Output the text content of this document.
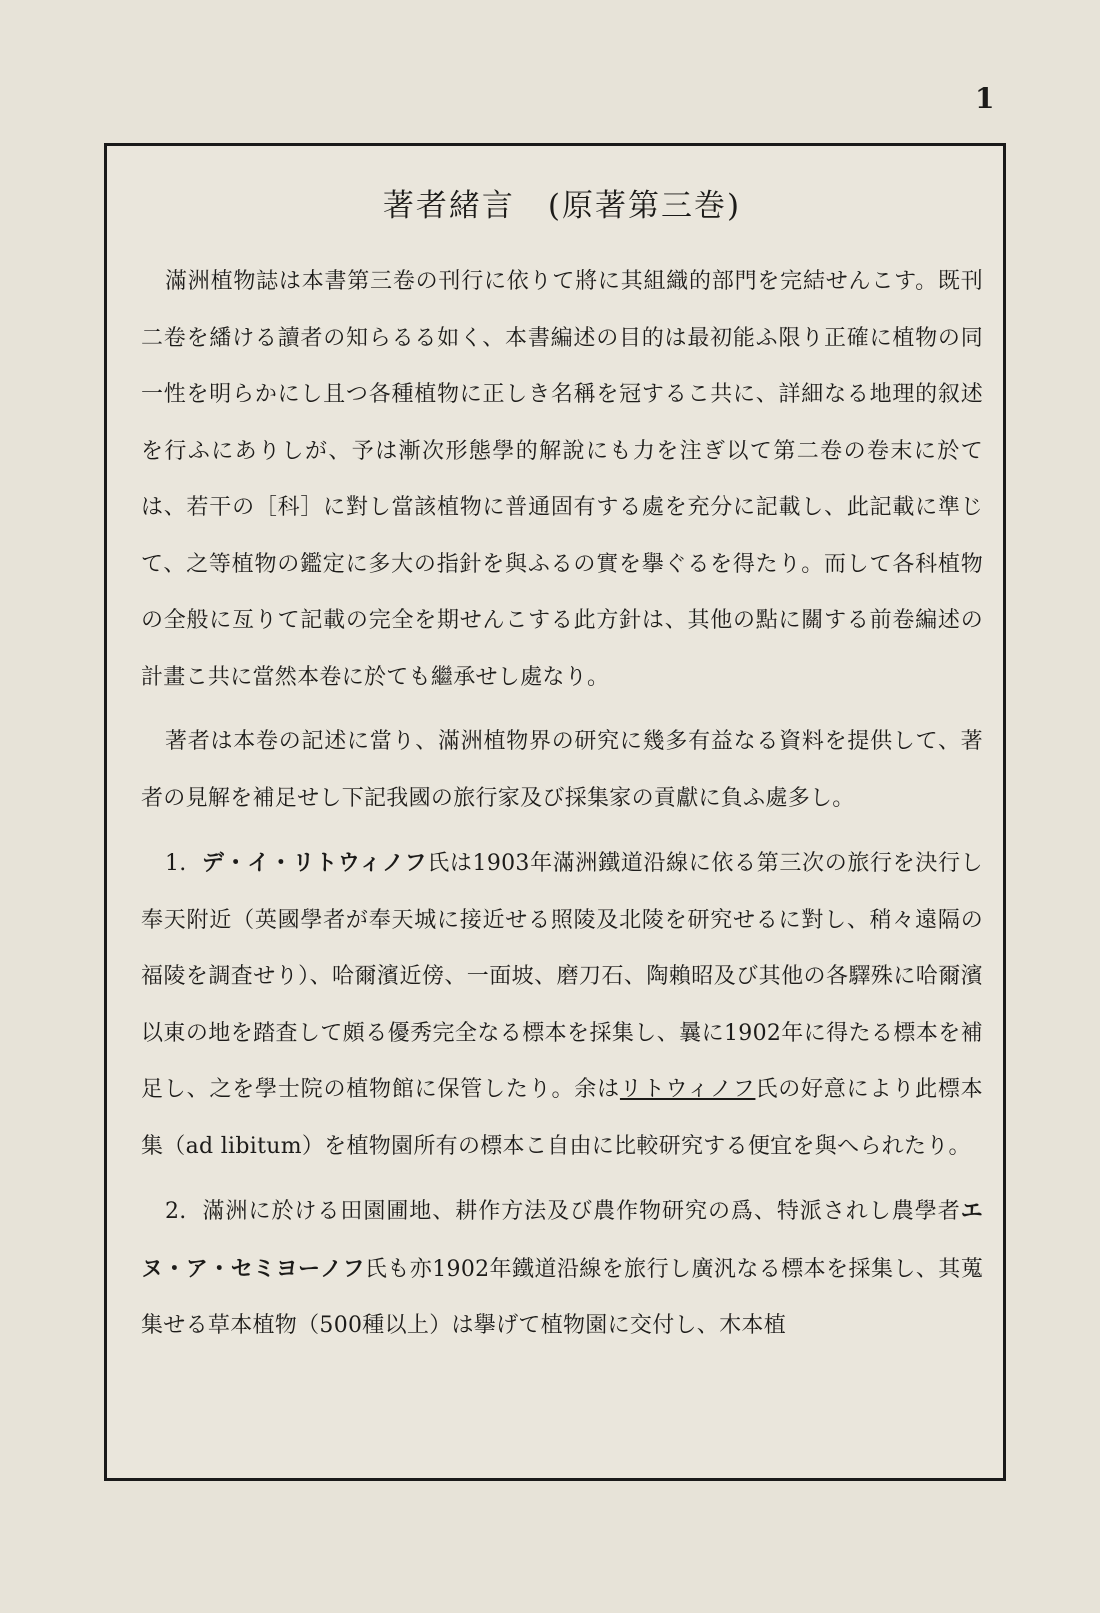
1
著者緒言　(原著第三巻)

滿洲植物誌は本書第三卷の刊行に依りて將に其組織的部門を完結せんこす。既刊二卷を繙ける讀者の知らるる如く、本書編述の目的は最初能ふ限り正確に植物の同一性を明らかにし且つ各種植物に正しき名稱を冠するこ共に、詳細なる地理的叙述を行ふにありしが、予は漸次形態學的解說にも力を注ぎ以て第二卷の卷末に於ては、若干の［科］に對し當該植物に普通固有する處を充分に記載し、此記載に準じて、之等植物の鑑定に多大の指針を與ふるの實を擧ぐるを得たり。而して各科植物の全般に亙りて記載の完全を期せんこする此方針は、其他の點に關する前卷編述の計畫こ共に當然本卷に於ても繼承せし處なり。

著者は本卷の記述に當り、滿洲植物界の研究に幾多有益なる資料を提供して、著者の見解を補足せし下記我國の旅行家及び採集家の貢獻に負ふ處多し。

1. デ・イ・リトウィノフ氏は1903年滿洲鐵道沿線に依る第三次の旅行を決行し奉天附近（英國學者が奉天城に接近せる照陵及北陵を研究せるに對し、稍々遠隔の福陵を調査せり）、哈爾濱近傍、一面坡、磨刀石、陶賴昭及び其他の各驛殊に哈爾濱以東の地を踏査して頗る優秀完全なる標本を採集し、曩に1902年に得たる標本を補足し、之を學士院の植物館に保管したり。余はリトウィノフ氏の好意により此標本集（ad libitum）を植物園所有の標本こ自由に比較研究する便宜を與へられたり。

2. 滿洲に於ける田園圃地、耕作方法及び農作物研究の爲、特派されし農學者エヌ・ア・セミヨーノフ氏も亦1902年鐵道沿線を旅行し廣汎なる標本を採集し、其蒐集せる草本植物（500種以上）は擧げて植物園に交付し、木本植
